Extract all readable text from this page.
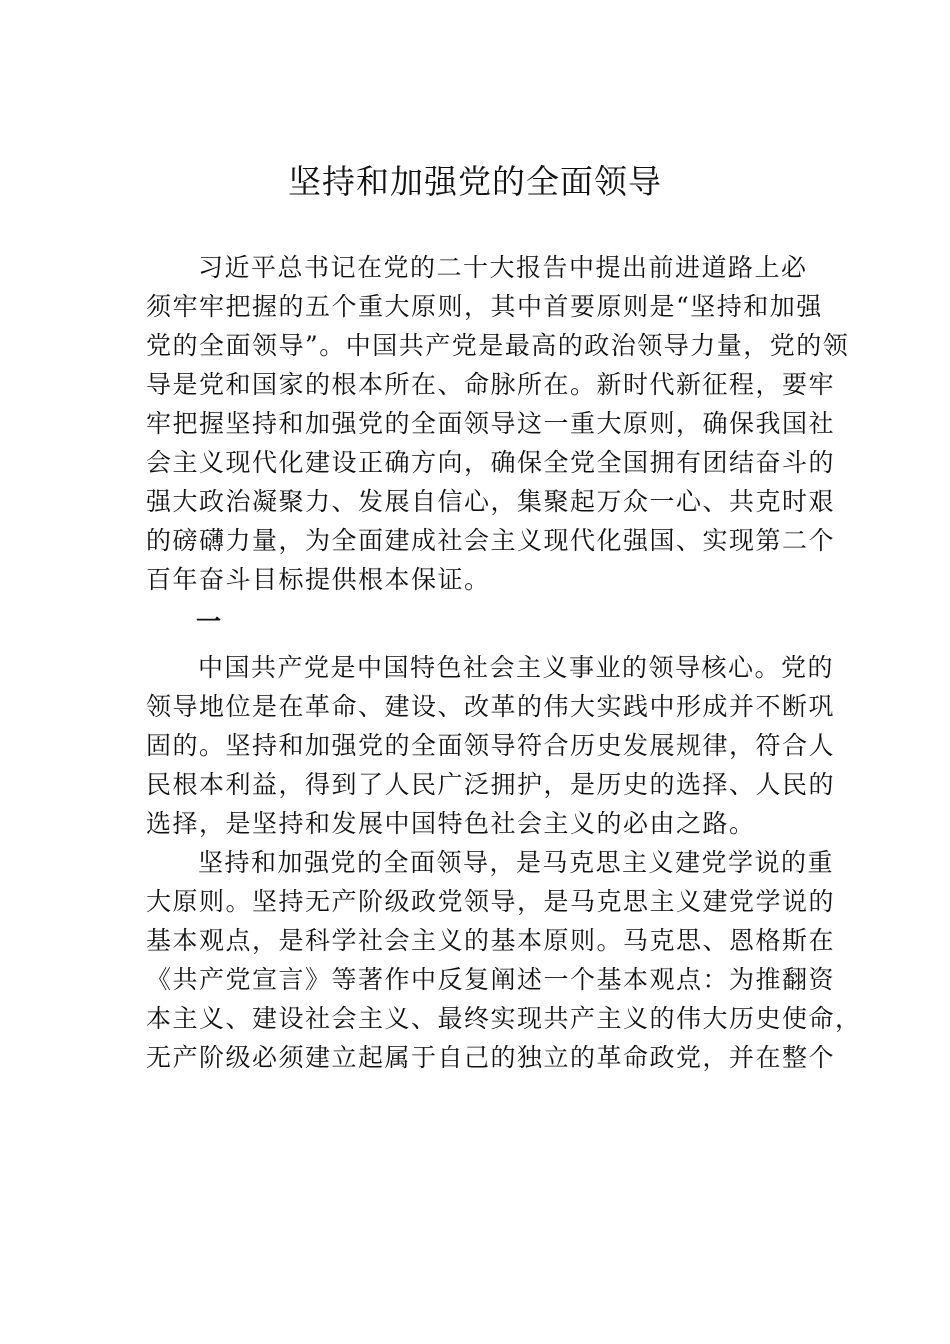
坚持和加强党的全面领导
习近平总书记在党的二十大报告中提出前进道路上必
须牢牢把握的五个重大原则，其中首要原则是“坚持和加强
党的全面领导”。中国共产党是最高的政治领导力量，党的领
导是党和国家的根本所在、命脉所在。新时代新征程，要牢
牢把握坚持和加强党的全面领导这一重大原则，确保我国社
会主义现代化建设正确方向，确保全党全国拥有团结奋斗的
强大政治凝聚力、发展自信心，集聚起万众一心、共克时艰
的磅礴力量，为全面建成社会主义现代化强国、实现第二个
百年奋斗目标提供根本保证。
一
中国共产党是中国特色社会主义事业的领导核心。党的
领导地位是在革命、建设、改革的伟大实践中形成并不断巩
固的。坚持和加强党的全面领导符合历史发展规律，符合人
民根本利益，得到了人民广泛拥护，是历史的选择、人民的
选择，是坚持和发展中国特色社会主义的必由之路。
坚持和加强党的全面领导，是马克思主义建党学说的重
大原则。坚持无产阶级政党领导，是马克思主义建党学说的
基本观点，是科学社会主义的基本原则。马克思、恩格斯在
《共产党宣言》等著作中反复阐述一个基本观点：为推翻资
本主义、建设社会主义、最终实现共产主义的伟大历史使命，
无产阶级必须建立起属于自己的独立的革命政党，并在整个
